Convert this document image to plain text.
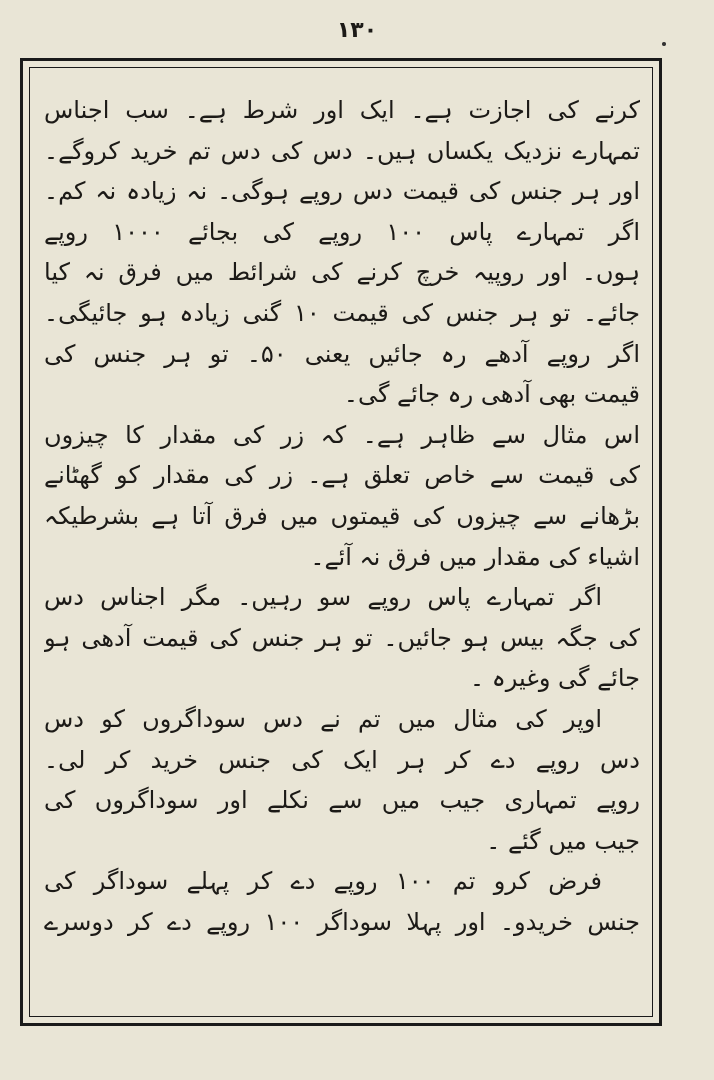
۱۳۰
کرنے کی اجازت ہے۔ ایک اور شرط ہے۔ سب اجناس
تمہارے نزدیک یکساں ہیں۔ دس کی دس تم خرید کروگے۔
اور ہر جنس کی قیمت دس روپے ہوگی۔ نہ زیادہ نہ کم۔
اگر تمہارے پاس ۱۰۰ روپے کی بجائے ۱۰۰۰ روپے
ہوں۔ اور روپیہ خرچ کرنے کی شرائط میں فرق نہ کیا
جائے۔ تو ہر جنس کی قیمت ۱۰ گنی زیادہ ہو جائیگی۔
اگر روپے آدھے رہ جائیں یعنی ۵۰۔ تو ہر جنس کی
قیمت بھی آدھی رہ جائے گی۔
اس مثال سے ظاہر ہے۔ کہ زر کی مقدار کا چیزوں
کی قیمت سے خاص تعلق ہے۔ زر کی مقدار کو گھٹانے
بڑھانے سے چیزوں کی قیمتوں میں فرق آتا ہے بشرطیکہ
اشیاء کی مقدار میں فرق نہ آئے۔
اگر تمہارے پاس روپے سو رہیں۔ مگر اجناس دس
کی جگہ بیس ہو جائیں۔ تو ہر جنس کی قیمت آدھی ہو
جائے گی وغیرہ ۔
اوپر کی مثال میں تم نے دس سوداگروں کو دس
دس روپے دے کر ہر ایک کی جنس خرید کر لی۔
روپے تمہاری جیب میں سے نکلے اور سوداگروں کی
جیب میں گئے ۔
فرض کرو تم ۱۰۰ روپے دے کر پہلے سوداگر کی
جنس خریدو۔ اور پہلا سوداگر ۱۰۰ روپے دے کر دوسرے
